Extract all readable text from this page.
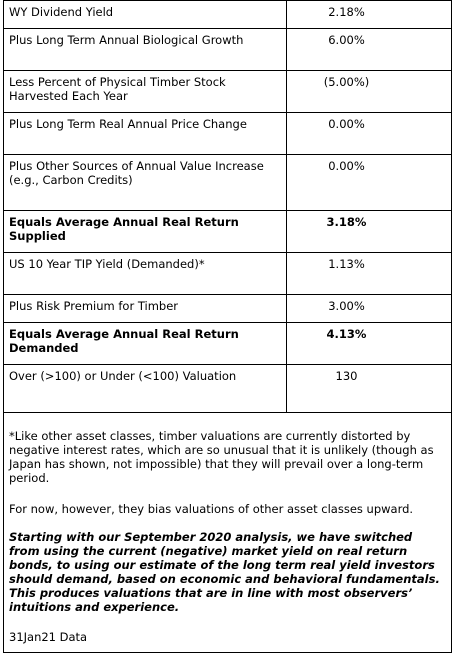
WY Dividend Yield	2.18%
Plus Long Term Annual Biological Growth	6.00%
Less Percent of Physical Timber Stock Harvested Each Year	(5.00%)
Plus Long Term Real Annual Price Change	0.00%
Plus Other Sources of Annual Value Increase (e.g., Carbon Credits)	0.00%
Equals Average Annual Real Return Supplied	3.18%
US 10 Year TIP Yield (Demanded)*	1.13%
Plus Risk Premium for Timber	3.00%
Equals Average Annual Real Return Demanded	4.13%
Over (>100) or Under (<100) Valuation	130

*Like other asset classes, timber valuations are currently distorted by negative interest rates, which are so unusual that it is unlikely (though as Japan has shown, not impossible) that they will prevail over a long-term period.

For now, however, they bias valuations of other asset classes upward.

Starting with our September 2020 analysis, we have switched from using the current (negative) market yield on real return bonds, to using our estimate of the long term real yield investors should demand, based on economic and behavioral fundamentals. This produces valuations that are in line with most observers’ intuitions and experience.

31Jan21 Data
